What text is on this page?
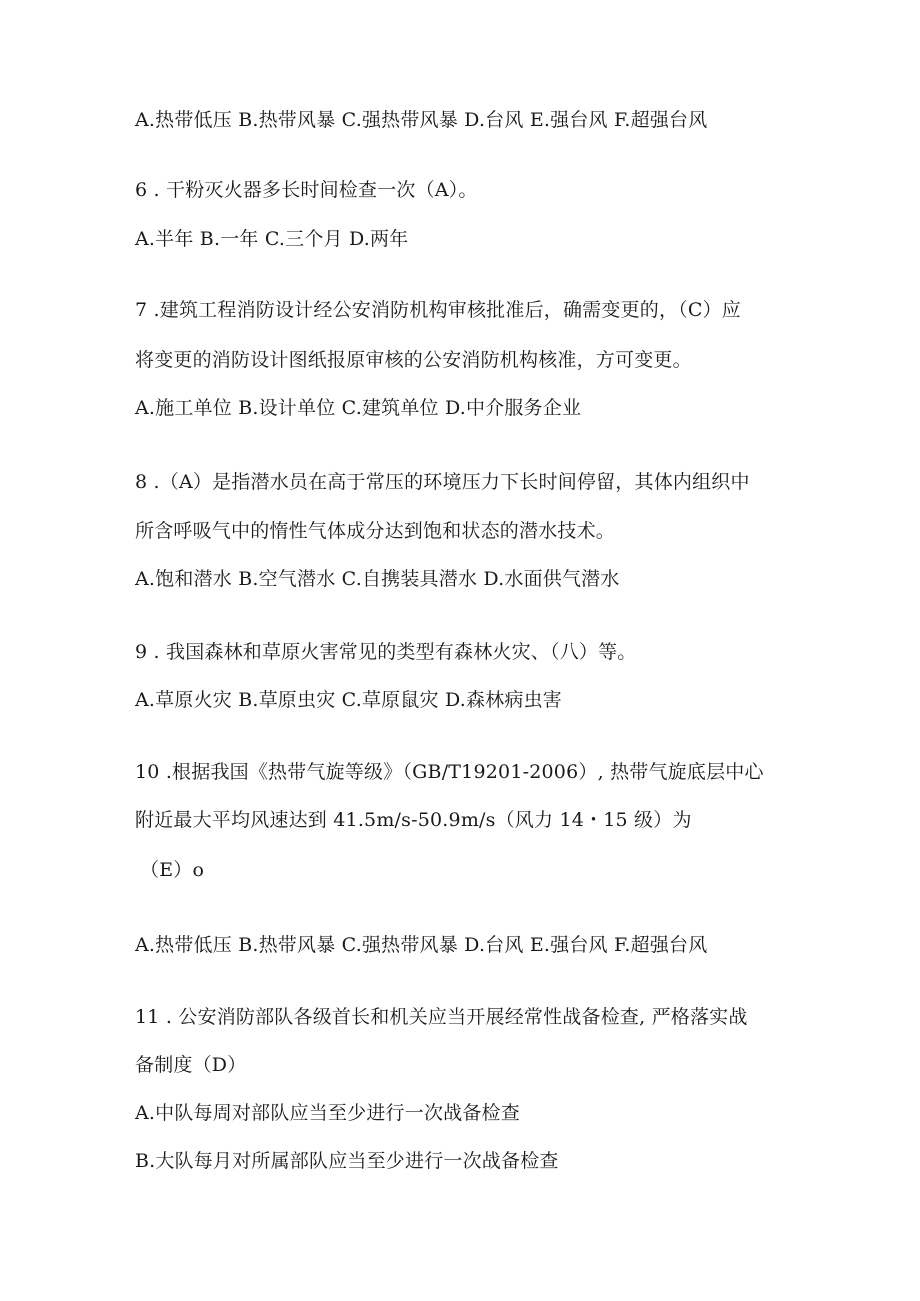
A.热带低压 B.热带风暴 C.强热带风暴 D.台风 E.强台风 F.超强台风
6 . 干粉灭火器多长时间检查一次（A）。
A.半年 B.一年 C.三个月 D.两年
7 .建筑工程消防设计经公安消防机构审核批准后，确需变更的，（C）应
将变更的消防设计图纸报原审核的公安消防机构核准，方可变更。
A.施工单位 B.设计单位 C.建筑单位 D.中介服务企业
8 .（A）是指潜水员在高于常压的环境压力下长时间停留，其体内组织中
所含呼吸气中的惰性气体成分达到饱和状态的潜水技术。
A.饱和潜水 B.空气潜水 C.自携装具潜水 D.水面供气潜水
9 . 我国森林和草原火害常见的类型有森林火灾、（八）等。
A.草原火灾 B.草原虫灾 C.草原鼠灾 D.森林病虫害
10 .根据我国《热带气旋等级》（GB/T19201-2006）, 热带气旋底层中心
附近最大平均风速达到 41.5m/s-50.9m/s（风力 14・15 级）为
（E）o
A.热带低压 B.热带风暴 C.强热带风暴 D.台风 E.强台风 F.超强台风
11 . 公安消防部队各级首长和机关应当开展经常性战备检查, 严格落实战
备制度（D）
A.中队每周对部队应当至少进行一次战备检查
B.大队每月对所属部队应当至少进行一次战备检查
